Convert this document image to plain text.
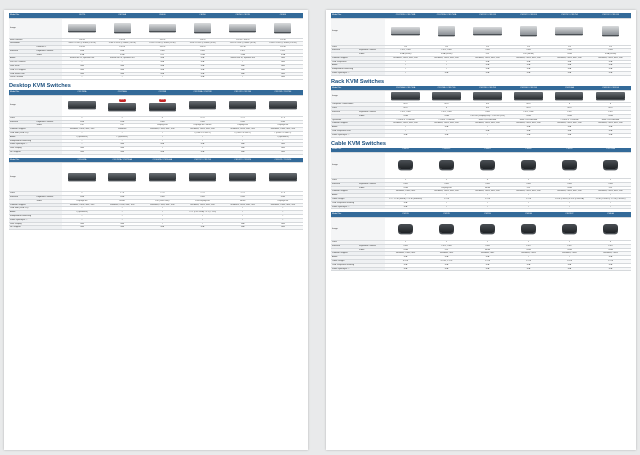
Model No.		CE770	CE700A	CE600	CE350	CE250 / CE370	CE300
Image							
Max Distance		300 m	150 m	150 m	150 m	150 m / 300 m	150 m
Resolution		1600 x 1200 @ 60Hz (150 m)	1280 x 1024 @ 60Hz (150 m)	1920 x 1200 @ 60Hz (30 m)	1920 x 1200 @ 60Hz (30 m)	1920 x 1200 @ 60Hz (30 m)	1280 x 1024 @ 60Hz (150 m)
	Distance 1	150 m	150 m	150 m	150 m	150 m	150 m
Interface	Keyboard / Mouse	USB	USB	USB	USB	PS/2	PS/2
	Video	VGA	VGA	DVI	VGA	VGA	VGA
Audio		Stereo Mic in, Speaker out	Stereo Mic in, Speaker out	N/A	N/A	Stereo Mic in, Speaker out	N/A
RS-232 Channel		•	•	N/A	N/A	•	N/A
Dual View		N/A	N/A	N/A	N/A	N/A	N/A
USB 2.0 Support		N/A	N/A	N/A	N/A	N/A	N/A
USB Flash Disk		N/A	N/A	N/A	N/A	N/A	N/A
Local Console		•	•	•	N/A	•	N/A
Desktop KVM Switches
Model No.		CS1782A	CS1764A	CS1768	CS1784A / CS1788	CS1742 / CS1744	CS1762 / CS1764
Image			New	New

Ports		2	2	4	4 / 8	2 / 4	2 / 4
Interface	Keyboard / Mouse	USB	USB	USB	USB	USB	USB
	Video	DVI	DVI	DisplayPort	DisplayPort / HDMI	DisplayPort	DisplayPort
Platform Support		Windows, Linux, Mac, Sun	Windows	Windows, Linux, Mac, Sun	Windows, Linux, Mac, Sun	Windows, Linux, Mac, Sun	Windows, Linux, Mac, Sun
USB Hub (USB 2.0)		•	•	•	• (USB 2.0 Gen 1)	• (USB 2.0 Gen 1)	• (USB 2.0 Gen 1)
Audio		• (Speakers)	• (Speakers)	•	•	•	• (Speakers)
Independent Switching		•	•	•	•	•	•
Video DynaSync™		•	N/A	N/A	N/A	N/A	N/A
Dual Display		N/A	N/A	•	•	N/A	N/A
RF Support		N/A	N/A	N/A	N/A	N/A	N/A
Model No.		CS1642A	CS1782A / CS1784A	CS1642A / CS1644A	CS1762 / CS1764	CS1822 / CS1824	CS1922 / CS1924
Image							
Ports		2	2 / 4	2 / 4	2 / 4	2 / 4	2 / 4
Interface	Keyboard / Mouse	USB	USB	USB	USB	USB	USB
	Video	DisplayPort	HDMI	DVI (Dual Link)	DVI/DisplayPort	HDMI	DisplayPort
Platform Support		Windows, Linux, Mac, Sun	Windows, Linux, Mac, Sun	Windows, Linux, Mac, Sun	Windows, Linux, Mac, Sun	Windows, Linux, Mac, Sun	Windows, Linux, Mac, Sun
USB Hub (USB 2.0)		•	•	•	•	•	•
Audio		• (Speakers)	•	•	• 2.1 (CS1762A) • 5.1 (7.1ch)	•	•
Independent Switching		•	•	•	•	•	•
Video DynaSync™		•	•	•	•	•	•
Dual Display		N/A	N/A	•	•	N/A	N/A
RF Support		N/A	N/A	N/A	N/A	N/A	N/A
Model No.		CS1732B / CS1734B	CS1732A / CS1734A	CS1742 / CS1744	CS1922 / CS1924	CS1792 / CS1794	CS1742 / CS1744
Image							
Ports		2/4	2/4	2/4	2/4	2/4	2/4
Interface	Keyboard / Mouse	PS/2, USB	PS/2, USB	USB	USB	USB	USB
	Video	VGA (HDMI)	VGA (HDMI)	DVI	DVI (HDMI)	VGA	VGA (HDMI)
Platform Support		Windows, Linux, Mac, Sun	Windows, Linux, Mac, Sun	Windows, Linux, Mac, Sun	Windows, Linux, Mac, Sun	Windows, Linux, Mac, Sun	Windows, Linux, Mac, Sun
USB Peripheral		•	•	N/A	N/A	N/A	N/A
Audio		•	•	N/A	N/A	N/A	N/A
Independent Switching		•	•	N/A	N/A	N/A	N/A
Video DynaSync™		•	N/A	N/A	N/A	N/A	N/A
Rack KVM Switches
Model No.		CS1708A / CS1716A	CS1708i / CS1716i	CS1788 / CS1784	CS1308 / CS1316	CS1208A	CS9138 / CS9134
Image							
Computer Connections		8/16	8/16	4/8	8/16	8	8
Ports		8/16	8	8/8	8/16	8/16	8/16
Interface	Keyboard / Mouse	PS/2, USB	PS/2, USB	USB	PS/2, USB	PS/2	PS/2
	Video	VGA	VGA	CS1788 (DisplayPort) / CS1784 (DVI)	VGA	VGA	VGA
Operation		1 Local & 1 Remote	1 Local + Remote	Multi-OS Extended	Multi-OS Extended	1 Local & 1 Remote	Multi-OS Extended
Platform Support		Windows, Linux, Mac, Sun	Windows, Linux, Mac, Sun	Windows, Linux, Mac, Sun	Windows, Linux, Mac, Sun	Windows, Linux, Mac, Sun	Windows, Linux, Mac, Sun
Audio		•	N/A	•	N/A	N/A	N/A
USB Peripheral Port		•	•	N/A	N/A	N/A	N/A
Video DynaSync™		N/A	N/A	•	N/A	N/A	N/A
Cable KVM Switches
Model No.		CS62U	CS62UP	CS64U	CS682	CS692	CS1782A
Image							
Ports		2	2	4	2	2	2
Interface	Keyboard / Mouse	USB	USB	USB	USB	USB	USB
	Video	VGA	DisplayPort	HDMI	DVI	VGA	DVI
Platform Support		Windows, Linux, Mac	Windows, Linux, Mac, Sun	Windows, Linux, Mac, Sun	Windows, Linux, Mac, Sun	Windows, Linux, Mac, Sun	Windows, Linux, Mac, Sun
Audio		•	•	•	•	•	•
Cable Length		1.2 / 1.5 m (wired) / 1.8 m (wireless)	1.2 m	1.2 m	1.2 m	1.8 m (CS692) 0.9 m (CS692A)	1.8 m (CS1822) 1.2 m (CS1842)
USB Peripheral Sharing		N/A	•	•	•	•	•
Video DynaSync™		N/A	•	•	•	•	•
Model No.		CS22U	CS22D	CS22H	CS52A	CS22DP	CS84A
Image							
Ports		2	2	2	2	2	4
Interface	Keyboard / Mouse	USB	PS/2, USB	USB	PS/2	PS/2	PS/2
	Video	VGA	DVI	HDMI	VGA	VGA	VGA
Platform Support		Windows, Linux, Mac	Windows, Mac	Windows, Mac	Windows, Linux	Windows, Linux	Windows, Linux
Audio		N/A	N/A	N/A	•	•	N/A
Cable Length		0.9 m	0.9 m, 1.2 m	1.2 m	1.2 m	1.8 m	1.2 m
USB Peripheral Sharing		N/A	N/A	N/A	N/A	N/A	N/A
Video DynaSync™		N/A	N/A	N/A	N/A	N/A	N/A
